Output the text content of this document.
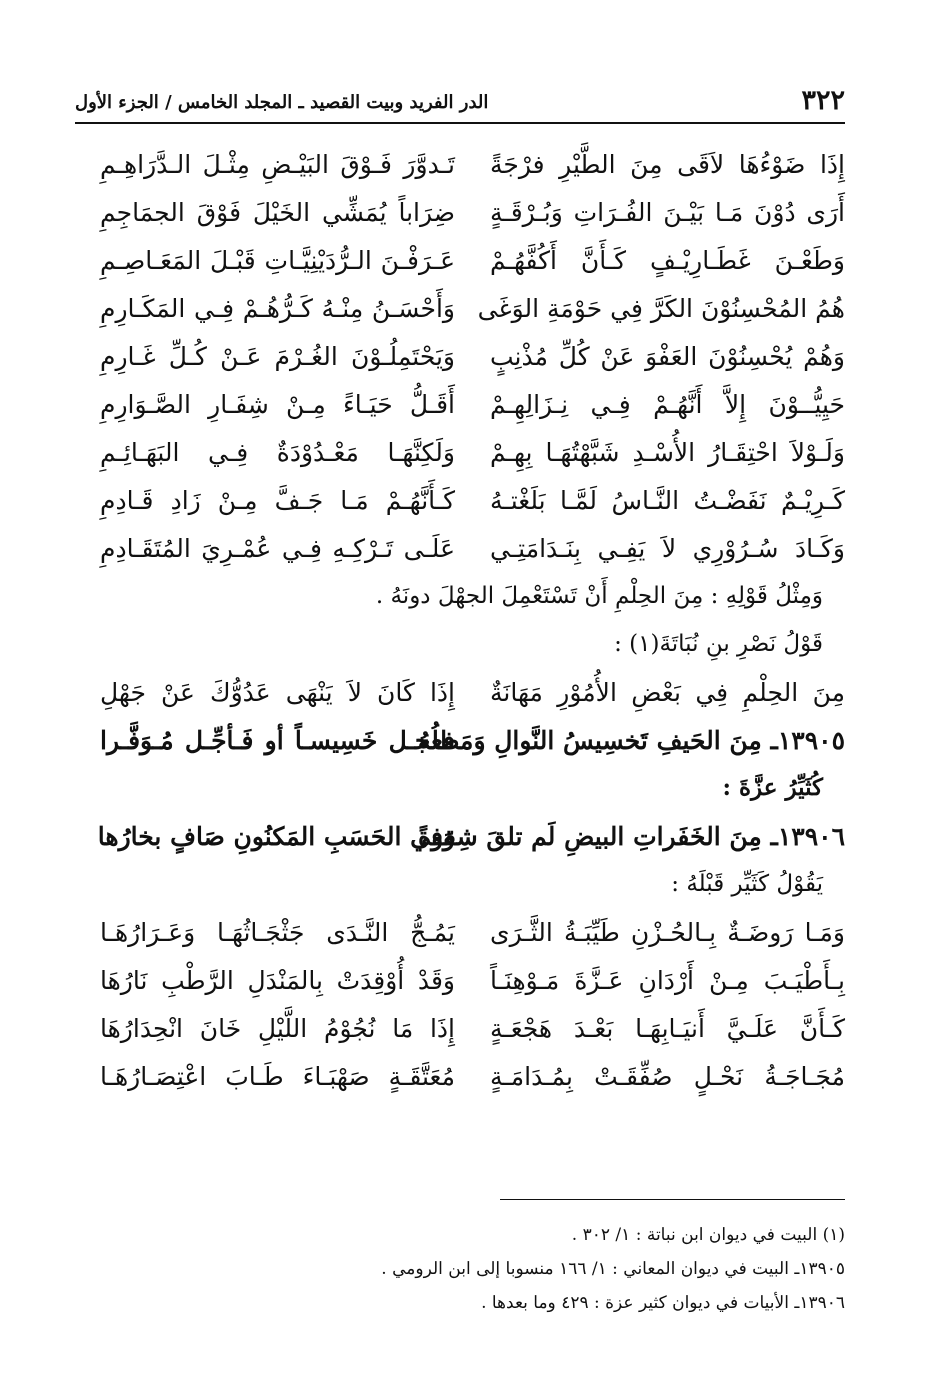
٣٢٢
الدر الفريد وبيت القصيد ـ المجلد الخامس / الجزء الأول
إِذَا ضَوْءُهَا لاَقَى مِنَ الطَّيْرِ فرْجَةً
تَـدوَّرَ فَـوْقَ البَيْـضِ مِثْـلَ الـدَّرَاهِـمِ
أَرَى دُوْنَ مَـا بَيْـنَ الفُـرَاتِ وَبُـرْقَـةٍ
ضِرَاباً يُمَشِّي الخَيْلَ فَوْقَ الجمَاجِمِ
وَطَعْـنَ غَطَـارِيْـفٍ كَـأَنَّ أَكُفَّهُـمْ
عَـرَفْـنَ الـرُّدَيْنِيَّـاتِ قَبْـلَ المَعَـاصِـمِ
هُمُ المُحْسِنُوْنَ الكَرَّ فِي حَوْمَةِ الوَغَى
وَأَحْسَـنُ مِنْـهُ كَـرُّهُـمْ فِـي المَكَـارِمِ
وَهُمْ يُحْسِنُوْنَ العَفْوَ عَنْ كُلِّ مُذْنِبٍ
وَيَحْتَمِلُـوْنَ الغُـرْمَ عَـنْ كُـلِّ غَـارِمِ
حَيِيُّــوْنَ إِلاَّ أَنَّهُـمْ فِـي نِـزَالِهِـمْ
أَقَـلُّ حَيَـاءً مِـنْ شِفَـارِ الصَّـوَارِمِ
وَلَـوْلاَ احْتِقَـارُ الأُسْـدِ شَبَّهْتُهَـا بِهِـمْ
وَلَكِنَّهَـا مَعْـدُوْدَةٌ فِـي البَهَـائِـمِ
كَـرِيْـمٌ نَفَضْـتُ النَّـاسُ لَمَّـا بَلَغْتـهُ
كَـأَنَّهُـمْ مَـا جَـفَّ مِـنْ زَادِ قَـادِمِ
وَكَـادَ سُـرُوْرِي لاَ يَفِـي بِنَـدَامَتِـي
عَلَـى تَـرْكِـهِ فِـي عُمْـرِيَ المُتَقَـادِمِ
وَمِثْلُ قَوْلِهِ : مِنَ الحِلْمِ أَنْ تَسْتَعْمِلَ الجهْلَ دونَهُ .
قَوْلُ نَصْرِ بنِ نُبَاتَةَ(١) :
مِنَ الحِلْمِ فِي بَعْضِ الأُمُوْرِ مَهَانَةٌ
إِذَا كَانَ لاَ يَنْهَى عَدُوُّكَ عَنْ جَهْلِ
١٣٩٠٥ـ مِنَ الحَيفِ تَخسِيسُ النَّوالِ وَمَطلُهُ
فعجـل خَسِيسـاً أو فَـأجِّـل مُـوَفَّـرا
كُثَيِّرُ عزَّةَ :
١٣٩٠٦ـ مِنَ الخَفَراتِ البيضِ لَم تلقَ شِقوةً
وَفي الحَسَبِ المَكنُونِ صَافٍ بخارُها
يَقُوْلُ كَثَيِّر قَبْلَهُ :
وَمَـا رَوضَـةٌ بِـالحُـزْنِ طَيِّبَـةُ الثَّـرَى
يَمُـجُّ النَّـدَى جَثْجَـاثُهَـا وَعَـرَارُهَـا
بِـأَطْيَـبَ مِـنْ أَرْدَانِ عَـزَّةَ مَـوْهِنَـاً
وَقَدْ أُوْقِدَتْ بِالمَنْدَلِ الرَّطْبِ نَارُهَا
كَـأَنَّ عَلَـيَّ أَنيَـابِهَـا بَعْـدَ هَجْعَـةٍ
إِذَا مَا نُجُوْمُ اللَّيْلِ خَانَ انْحِدَارُهَا
مُجَـاجَـةُ نَحْـلٍ صُفِّقَـتْ بِمُـدَامَـةٍ
مُعَتَّقَـةٍ صَهْبَـاءَ طَـابَ اعْتِصَـارُهَـا
(١) البيت في ديوان ابن نباتة : ١/ ٣٠٢ .
١٣٩٠٥ـ البيت في ديوان المعاني : ١/ ١٦٦ منسوبا إلى ابن الرومي .
١٣٩٠٦ـ الأبيات في ديوان كثير عزة : ٤٢٩ وما بعدها .
